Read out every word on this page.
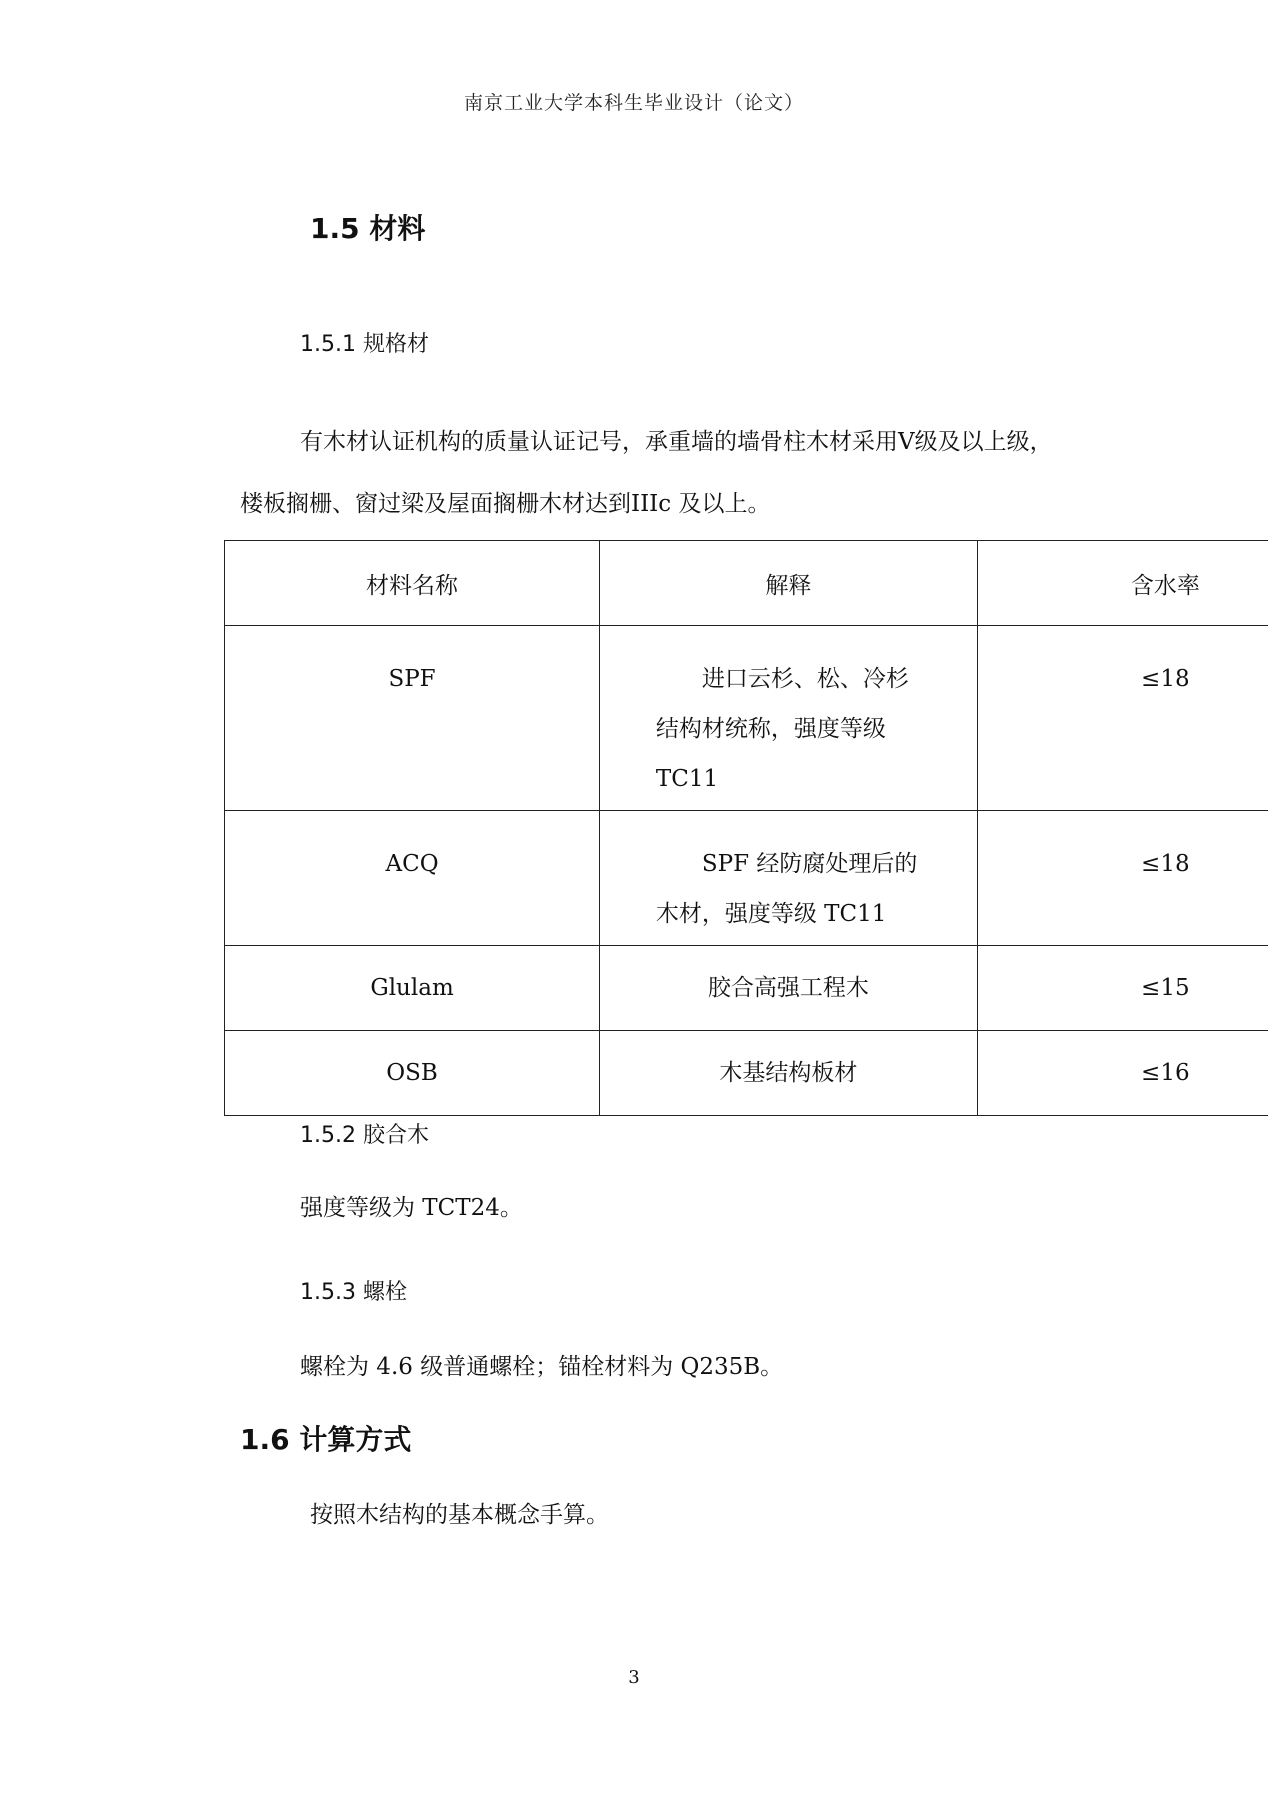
南京工业大学本科生毕业设计（论文）
1.5 材料
1.5.1 规格材
有木材认证机构的质量认证记号，承重墙的墙骨柱木材采用V级及以上级，
楼板搁栅、窗过梁及屋面搁栅木材达到IIIc 及以上。
材料名称	解释	含水率

SPF	进口云杉、松、冷杉结构材统称，强度等级TC11	≤18

ACQ	SPF 经防腐处理后的木材，强度等级 TC11	≤18

Glulam	胶合高强工程木	≤15

OSB	木基结构板材	≤16
1.5.2 胶合木
强度等级为 TCT24。
1.5.3 螺栓
螺栓为 4.6 级普通螺栓；锚栓材料为 Q235B。
1.6 计算方式
按照木结构的基本概念手算。
3
